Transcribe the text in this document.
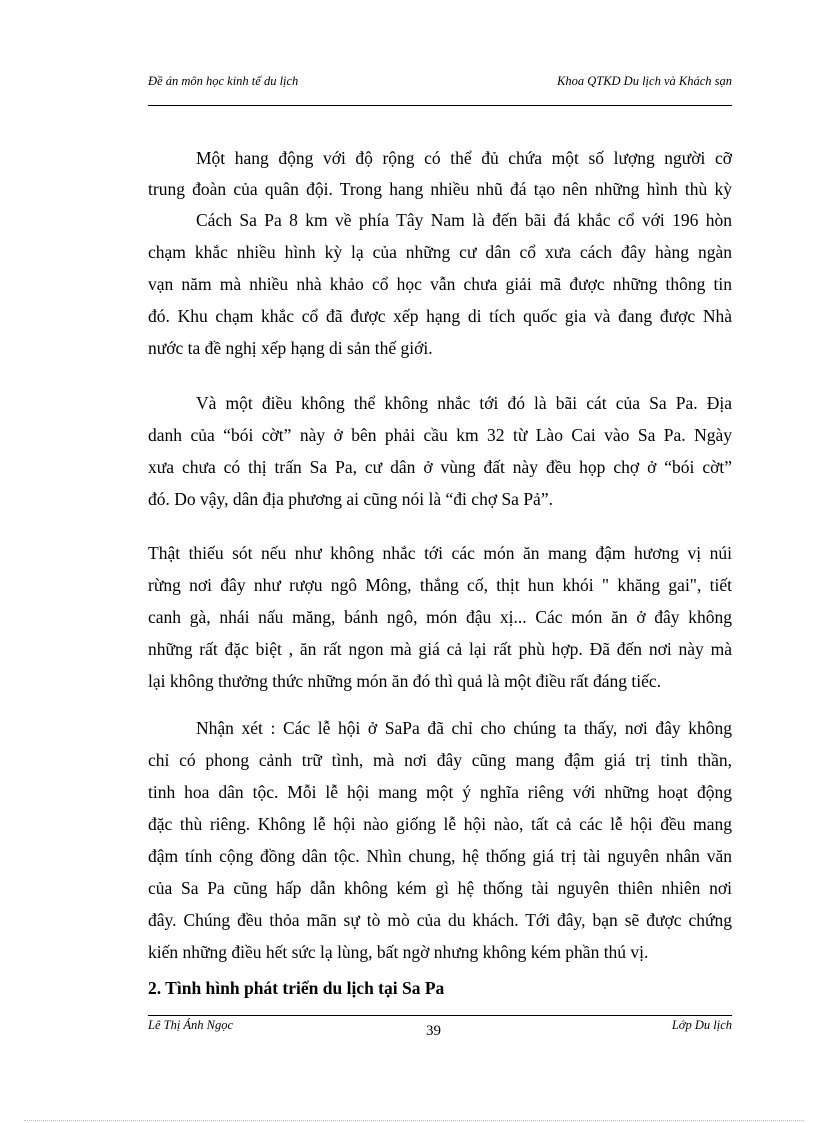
Đề án môn học kinh tế du lịch	Khoa QTKD Du lịch và Khách sạn
Một hang động với độ rộng có thể đủ chứa một số lượng người cỡ
trung đoàn của quân đội. Trong hang nhiều nhũ đá tạo nên những hình thù kỳ
Cách Sa Pa 8 km về phía Tây Nam là đến bãi đá khắc cổ với 196 hòn
chạm khắc nhiều hình kỳ lạ của những cư dân cổ xưa cách đây hàng ngàn
vạn năm mà nhiều nhà khảo cổ học vẫn chưa giải mã được những thông tin
đó. Khu chạm khắc cổ đã được xếp hạng di tích quốc gia và đang được Nhà
nước ta đề nghị xếp hạng di sản thế giới.
Và một điều không thể không nhắc tới đó là bãi cát của Sa Pa. Địa
danh của “bói cờt” này ở bên phải cầu km 32 từ Lào Cai vào Sa Pa. Ngày
xưa chưa có thị trấn Sa Pa, cư dân ở vùng đất này đều họp chợ ở “bói cờt”
đó. Do vậy, dân địa phương ai cũng nói là “đi chợ Sa Pả”.
Thật thiếu sót nếu như không nhắc tới các món ăn mang đậm hương vị núi
rừng nơi đây như rượu ngô Mông, thắng cố, thịt hun khói " khăng gai", tiết
canh gà, nhái nấu măng, bánh ngô, món đậu xị... Các món ăn ở đây không
những rất đặc biệt , ăn rất ngon mà giá cả lại rất phù hợp. Đã đến nơi này mà
lại không thưởng thức những món ăn đó thì quả là một điều rất đáng tiếc.
Nhận xét : Các lễ hội ở SaPa đã chỉ cho chúng ta thấy, nơi đây không
chỉ có phong cảnh trữ tình, mà nơi đây cũng mang đậm giá trị tinh thần,
tinh hoa dân tộc. Mỗi lễ hội mang một ý nghĩa riêng với những hoạt động
đặc thù riêng. Không lễ hội nào giống lễ hội nào, tất cả các lễ hội đều mang
đậm tính cộng đồng dân tộc. Nhìn chung, hệ thống giá trị tài nguyên nhân văn
của Sa Pa cũng hấp dẫn không kém gì hệ thống tài nguyên thiên nhiên nơi
đây. Chúng đều thỏa mãn sự tò mò của du khách. Tới đây, bạn sẽ được chứng
kiến những điều hết sức lạ lùng, bất ngờ nhưng không kém phần thú vị.
2. Tình hình phát triển du lịch tại Sa Pa
Lê Thị Ánh Ngọc	39	Lớp Du lịch
